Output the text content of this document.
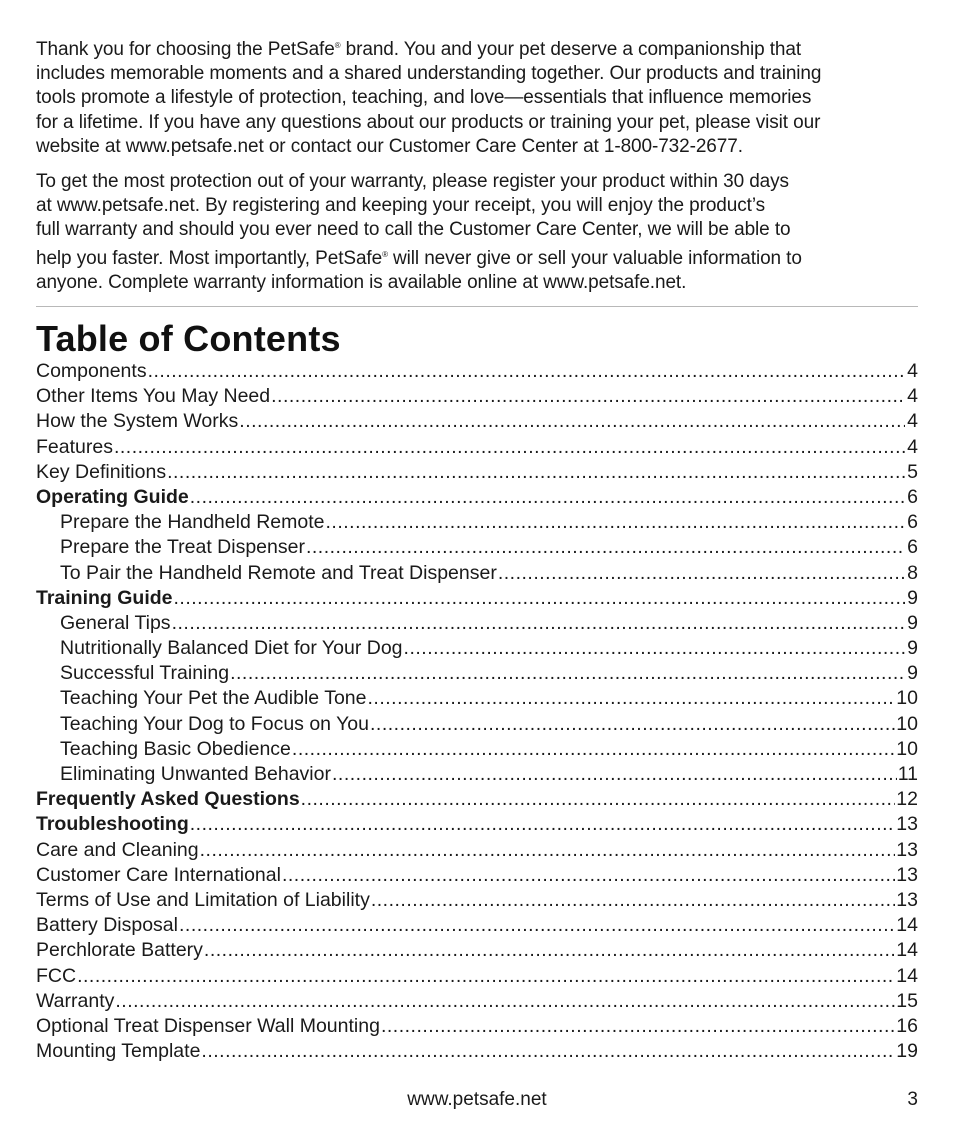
Thank you for choosing the PetSafe® brand. You and your pet deserve a companionship that
includes memorable moments and a shared understanding together. Our products and training
tools promote a lifestyle of protection, teaching, and love—essentials that influence memories
for a lifetime. If you have any questions about our products or training your pet, please visit our
website at www.petsafe.net or contact our Customer Care Center at 1-800-732-2677.

To get the most protection out of your warranty, please register your product within 30 days
at www.petsafe.net. By registering and keeping your receipt, you will enjoy the product’s
full warranty and should you ever need to call the Customer Care Center, we will be able to
help you faster. Most importantly, PetSafe® will never give or sell your valuable information to
anyone. Complete warranty information is available online at www.petsafe.net.

Table of Contents
Components .....	4
Other Items You May Need .....	4
How the System Works .....	4
Features .....	4
Key Definitions .....	5
Operating Guide .....	6
Prepare the Handheld Remote .....	6
Prepare the Treat Dispenser .....	6
To Pair the Handheld Remote and Treat Dispenser .....	8
Training Guide .....	9
General Tips .....	9
Nutritionally Balanced Diet for Your Dog .....	9
Successful Training .....	9
Teaching Your Pet the Audible Tone .....	10
Teaching Your Dog to Focus on You .....	10
Teaching Basic Obedience .....	10
Eliminating Unwanted Behavior .....	11
Frequently Asked Questions .....	12
Troubleshooting .....	13
Care and Cleaning .....	13
Customer Care International .....	13
Terms of Use and Limitation of Liability .....	13
Battery Disposal .....	14
Perchlorate Battery .....	14
FCC .....	14
Warranty .....	15
Optional Treat Dispenser Wall Mounting .....	16
Mounting Template .....	19
www.petsafe.net	3
